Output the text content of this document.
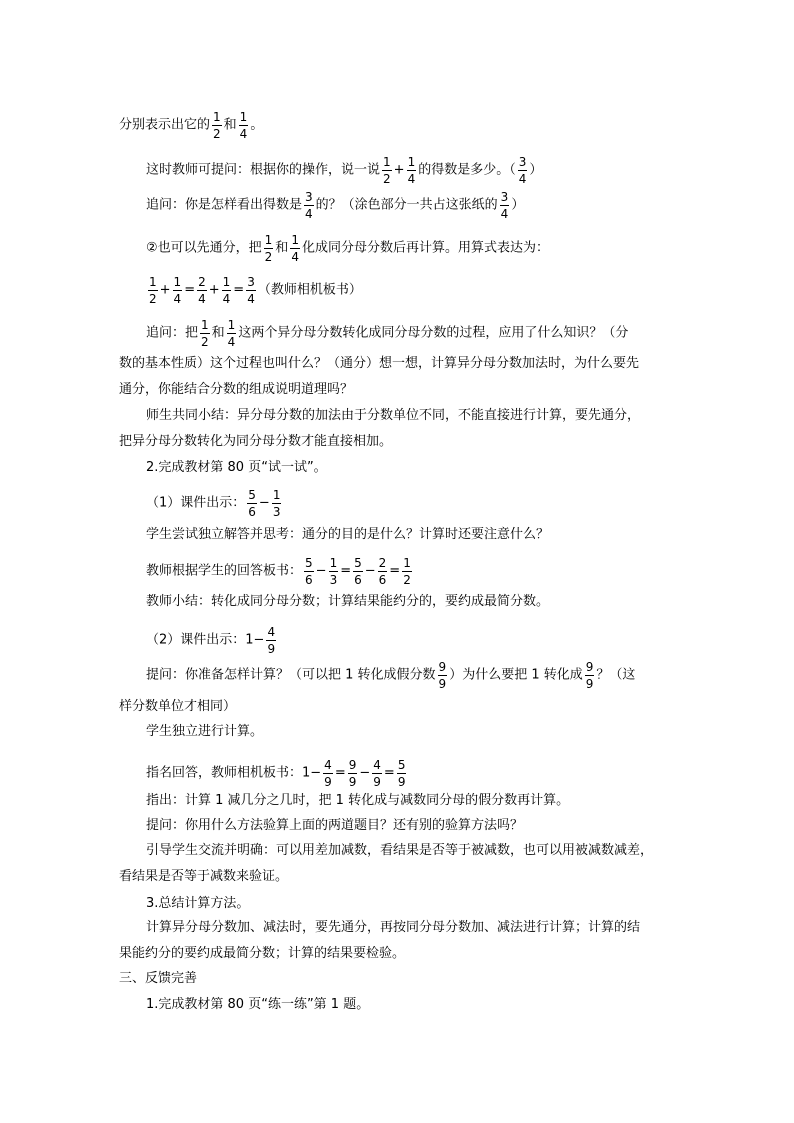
分别表示出它的 $\frac{1}{2}$ 和 $\frac{1}{4}$ 。
这时教师可提问：根据你的操作，说一说 $\frac{1}{2} + \frac{1}{4}$ 的得数是多少。（ $\frac{3}{4}$ ）
追问：你是怎样看出得数是 $\frac{3}{4}$ 的？（涂色部分一共占这张纸的 $\frac{3}{4}$ ）
②也可以先通分，把 $\frac{1}{2}$ 和 $\frac{1}{4}$ 化成同分母分数后再计算。用算式表达为：
$\frac{1}{2} + \frac{1}{4} = \frac{2}{4} + \frac{1}{4} = \frac{3}{4}$ （教师相机板书）
追问：把 $\frac{1}{2}$ 和 $\frac{1}{4}$ 这两个异分母分数转化成同分母分数的过程，应用了什么知识？（分
数的基本性质）这个过程也叫什么？（通分）想一想，计算异分母分数加法时，为什么要先
通分，你能结合分数的组成说明道理吗？
师生共同小结：异分母分数的加法由于分数单位不同，不能直接进行计算，要先通分，
把异分母分数转化为同分母分数才能直接相加。
2.完成教材第 80 页“试一试”。
（1）课件出示： $\frac{5}{6} - \frac{1}{3}$
学生尝试独立解答并思考：通分的目的是什么？计算时还要注意什么？
教师根据学生的回答板书： $\frac{5}{6} - \frac{1}{3} = \frac{5}{6} - \frac{2}{6} = \frac{1}{2}$
教师小结：转化成同分母分数；计算结果能约分的，要约成最简分数。
（2）课件出示：$1- \frac{4}{9}$
提问：你准备怎样计算？（可以把 1 转化成假分数 $\frac{9}{9}$ ）为什么要把 1 转化成 $\frac{9}{9}$ ？（这
样分数单位才相同）
学生独立进行计算。
指名回答，教师相机板书：$1- \frac{4}{9} = \frac{9}{9} - \frac{4}{9} = \frac{5}{9}$
指出：计算 1 减几分之几时，把 1 转化成与减数同分母的假分数再计算。
提问：你用什么方法验算上面的两道题目？还有别的验算方法吗？
引导学生交流并明确：可以用差加减数，看结果是否等于被减数，也可以用被减数减差，
看结果是否等于减数来验证。
3.总结计算方法。
计算异分母分数加、减法时，要先通分，再按同分母分数加、减法进行计算；计算的结
果能约分的要约成最简分数；计算的结果要检验。
三、反馈完善
1.完成教材第 80 页“练一练”第 1 题。
